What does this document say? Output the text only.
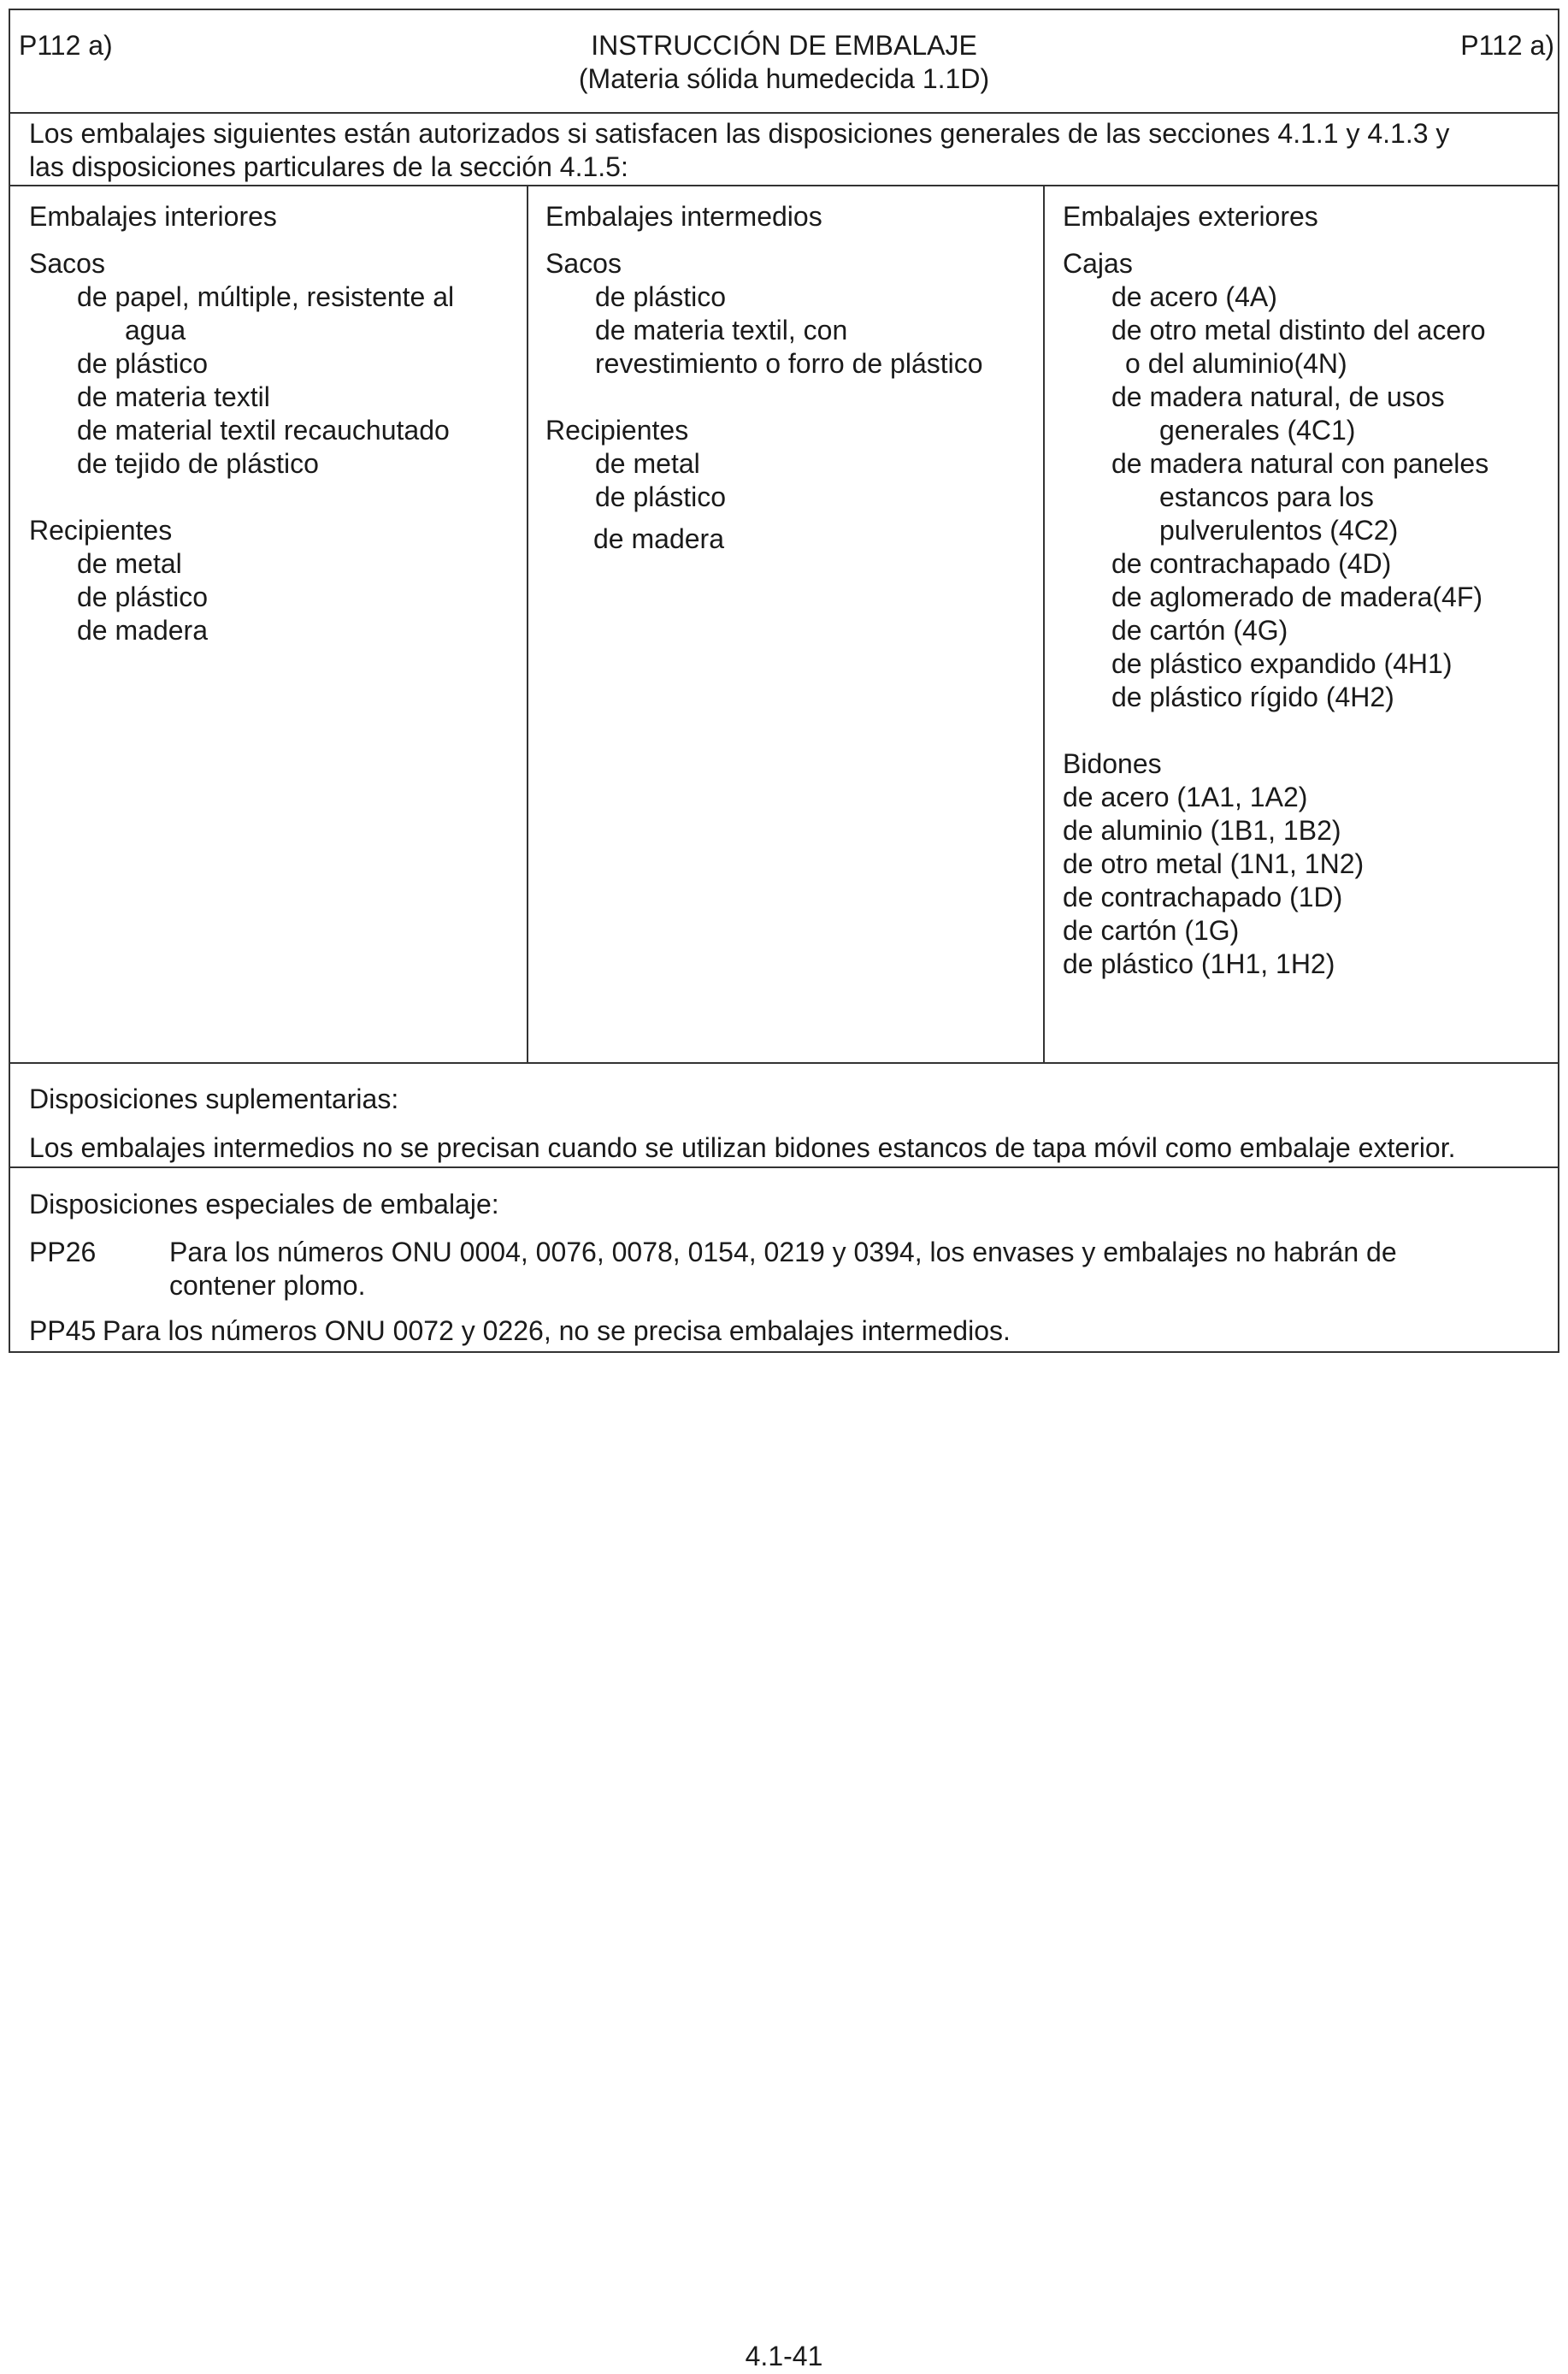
P112 a)	INSTRUCCIÓN DE EMBALAJE
(Materia sólida humedecida 1.1D)
P112 a)
Los embalajes siguientes están autorizados si satisfacen las disposiciones generales de las secciones 4.1.1 y 4.1.3 y
las disposiciones particulares de la sección 4.1.5:
Embalajes interiores
Sacos
de papel, múltiple, resistente al
agua
de plástico
de materia textil
de material textil recauchutado
de tejido de plástico
Recipientes
de metal
de plástico
de madera
Embalajes intermedios
Sacos
de plástico
de materia textil, con
revestimiento o forro de plástico
Recipientes
de metal
de plástico
de madera
Embalajes exteriores
Cajas
de acero (4A)
de otro metal distinto del acero
o del aluminio(4N)
de madera natural, de usos
generales (4C1)
de madera natural con paneles
estancos para los
pulverulentos (4C2)
de contrachapado (4D)
de aglomerado de madera(4F)
de cartón (4G)
de plástico expandido (4H1)
de plástico rígido (4H2)
Bidones
de acero (1A1, 1A2)
de aluminio (1B1, 1B2)
de otro metal (1N1, 1N2)
de contrachapado (1D)
de cartón (1G)
de plástico (1H1, 1H2)
Disposiciones suplementarias:
Los embalajes intermedios no se precisan cuando se utilizan bidones estancos de tapa móvil como embalaje exterior.
Disposiciones especiales de embalaje:
PP26	Para los números ONU 0004, 0076, 0078, 0154, 0219 y 0394, los envases y embalajes no habrán de
contener plomo.
PP45 Para los números ONU 0072 y 0226, no se precisa embalajes intermedios.
4.1-41
